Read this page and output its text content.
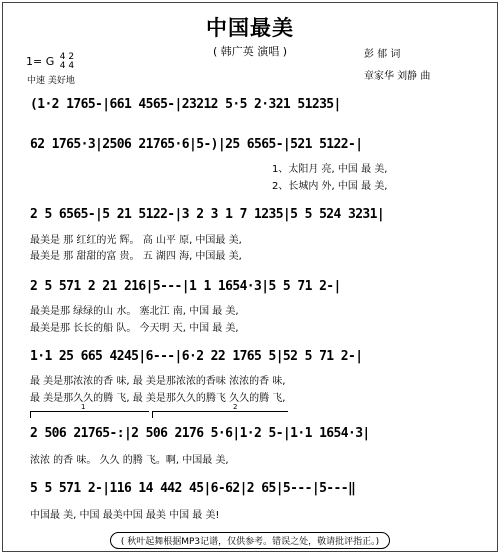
中国最美
( 韩广英 演唱 )	彭 郁 词
章家华 刘静 曲
1= G 4 2
4 4
中速 美好地
(1·2 1765-|661 4565-|23212 5·5 2·321 51235|
62 1765·3|2506 21765·6|5-)|25 6565-|521 5122-|
1、太阳月 亮, 中国 最 美,
2、长城内 外, 中国 最 美,
2 5 6565-|5 21 5122-|3 2 3 1 7 1235|5 5 524 3231|
最美是 那 红红的光 辉。 高 山平 原, 中国最 美,
最美是 那 甜甜的富 贵。 五 湖四 海, 中国最 美,
2 5 571 2 21 216|5---|1 1 1654·3|5 5 71 2-|
最美是那 绿绿的山 水。 塞北江 南, 中国 最 美,
最美是那 长长的船 队。 今天明 天, 中国 最 美,
1·1 25 665 4245|6---|6·2 22 1765 5|52 5 71 2-|
最 美是那浓浓的香 味, 最 美是那浓浓的香味 浓浓的香 味,
最 美是那久久的腾 飞, 最 美是那久久的腾飞 久久的腾 飞,
1	2
2 506 21765-:|2 506 2176 5·6|1·2 5-|1·1 1654·3|
浓浓 的香 味。 久久 的腾 飞。啊, 中国最 美,
5 5 571 2-|116 14 442 45|6-62|2 65|5---|5---‖
中国最 美, 中国 最美中国 最美 中国 最 美!
( 秋叶起舞根据MP3记谱，仅供参考。错误之处，敬请批评指正。)
